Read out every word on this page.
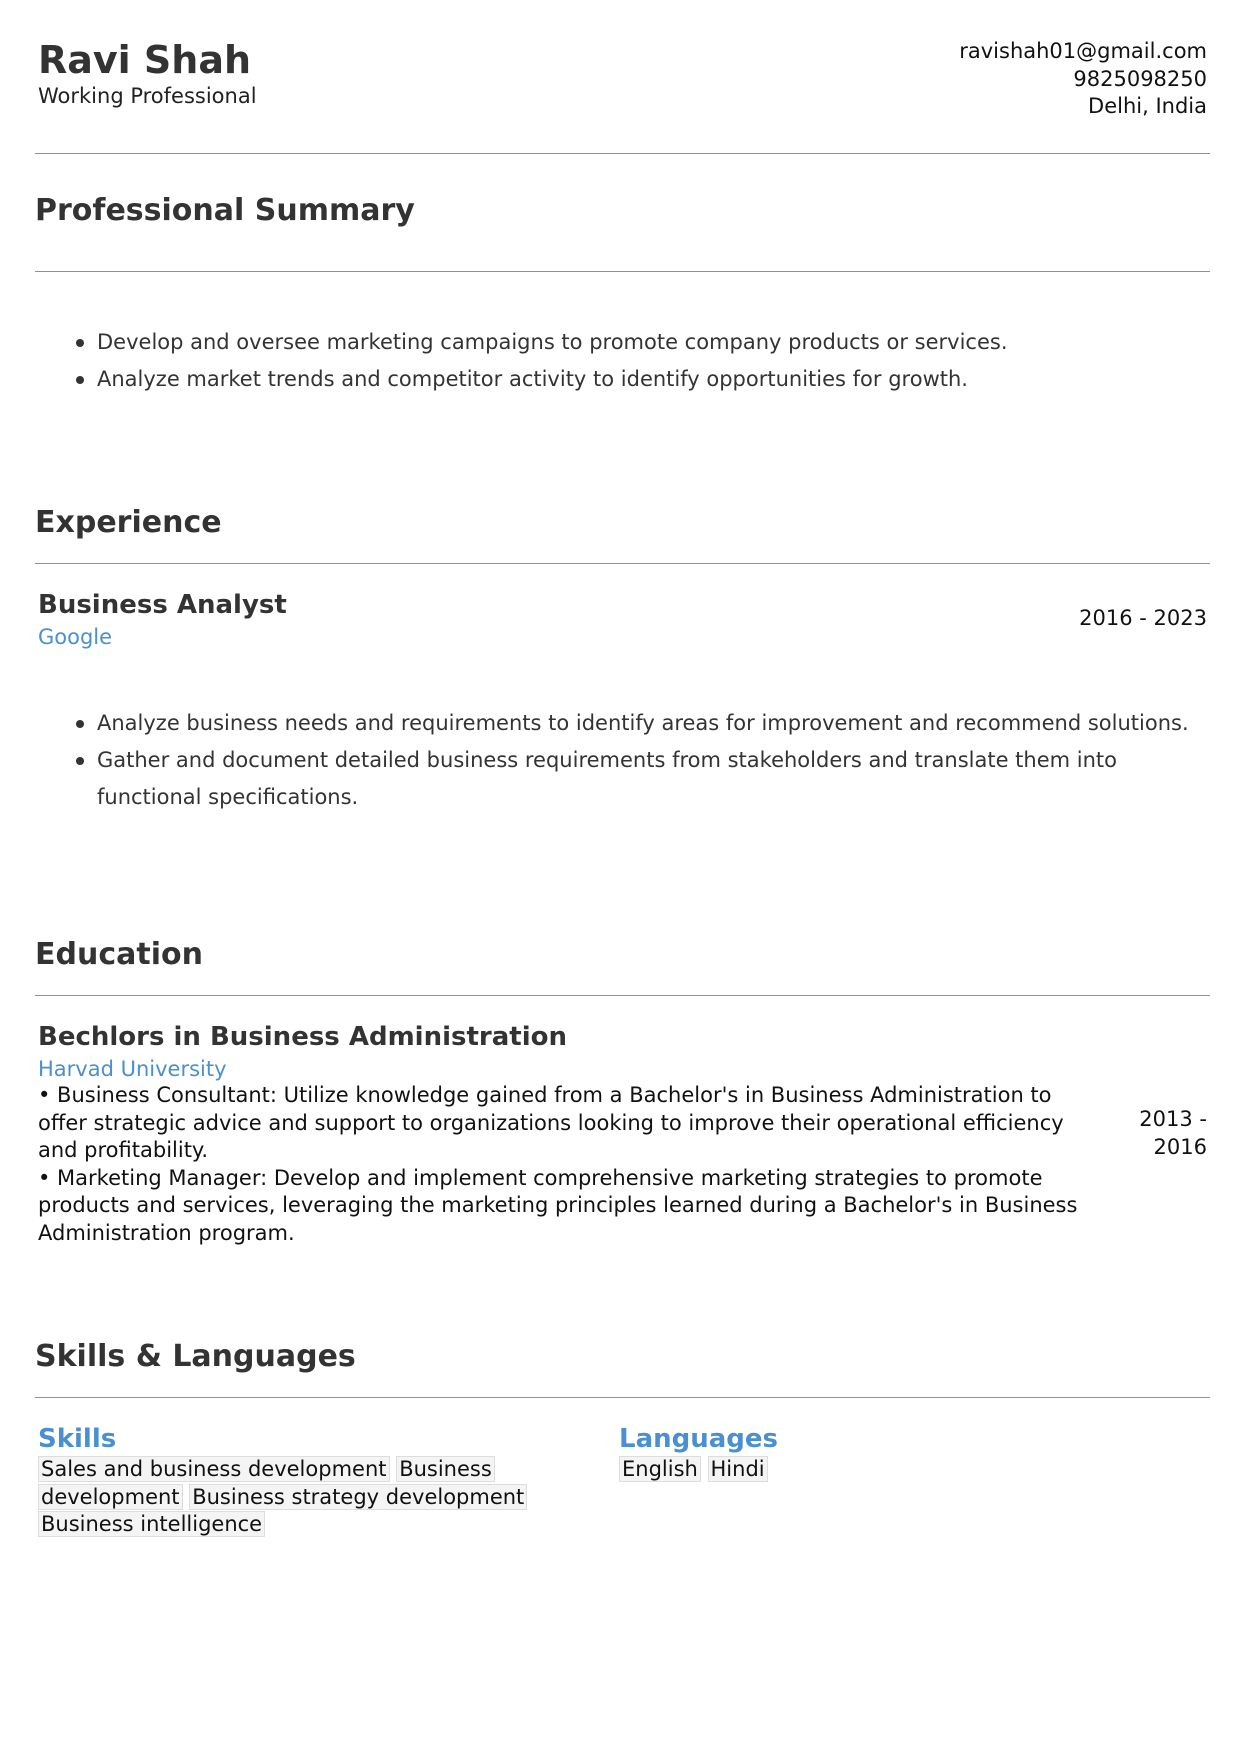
Ravi Shah
Working Professional
ravishah01@gmail.com
9825098250
Delhi, India
Professional Summary
Develop and oversee marketing campaigns to promote company products or services.
Analyze market trends and competitor activity to identify opportunities for growth.
Experience
Business Analyst
Google
2016 - 2023
Analyze business needs and requirements to identify areas for improvement and recommend solutions.
Gather and document detailed business requirements from stakeholders and translate them into functional specifications.
Education
Bechlors in Business Administration
Harvad University
• Business Consultant: Utilize knowledge gained from a Bachelor's in Business Administration to offer strategic advice and support to organizations looking to improve their operational efficiency and profitability.
• Marketing Manager: Develop and implement comprehensive marketing strategies to promote products and services, leveraging the marketing principles learned during a Bachelor's in Business Administration program.
2013 -
2016
Skills & Languages
Skills
Sales and business development Business development Business strategy development Business intelligence
Languages
English Hindi
